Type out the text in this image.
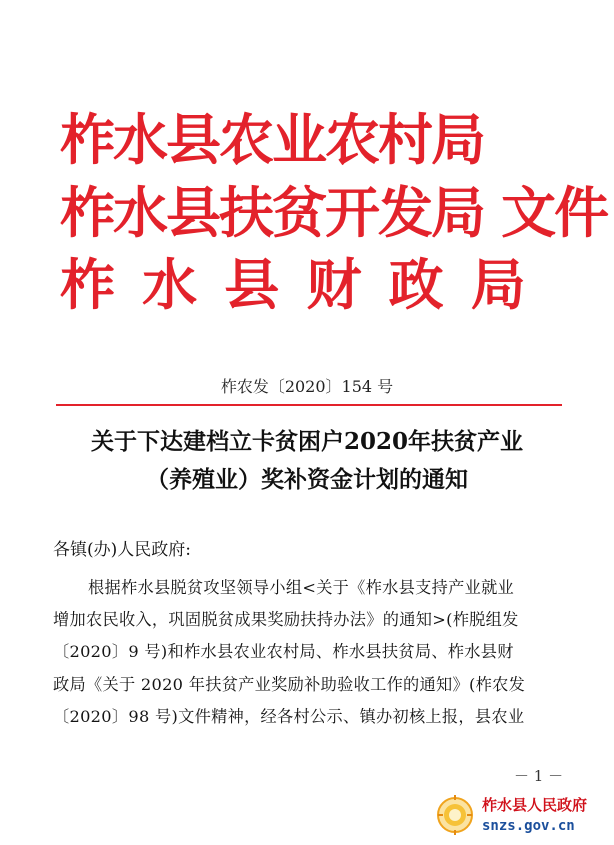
柞水县农业农村局
柞水县扶贫开发局 文件
柞 水 县 财 政 局
柞农发〔2020〕154 号
关于下达建档立卡贫困户2020年扶贫产业
（养殖业）奖补资金计划的通知
各镇(办)人民政府:
根据柞水县脱贫攻坚领导小组<关于《柞水县支持产业就业
增加农民收入，巩固脱贫成果奖励扶持办法》的通知>(柞脱组发
〔2020〕9 号)和柞水县农业农村局、柞水县扶贫局、柞水县财
政局《关于 2020 年扶贫产业奖励补助验收工作的通知》(柞农发
〔2020〕98 号)文件精神，经各村公示、镇办初核上报，县农业
－ 1 －
柞水县人民政府
snzs.gov.cn
